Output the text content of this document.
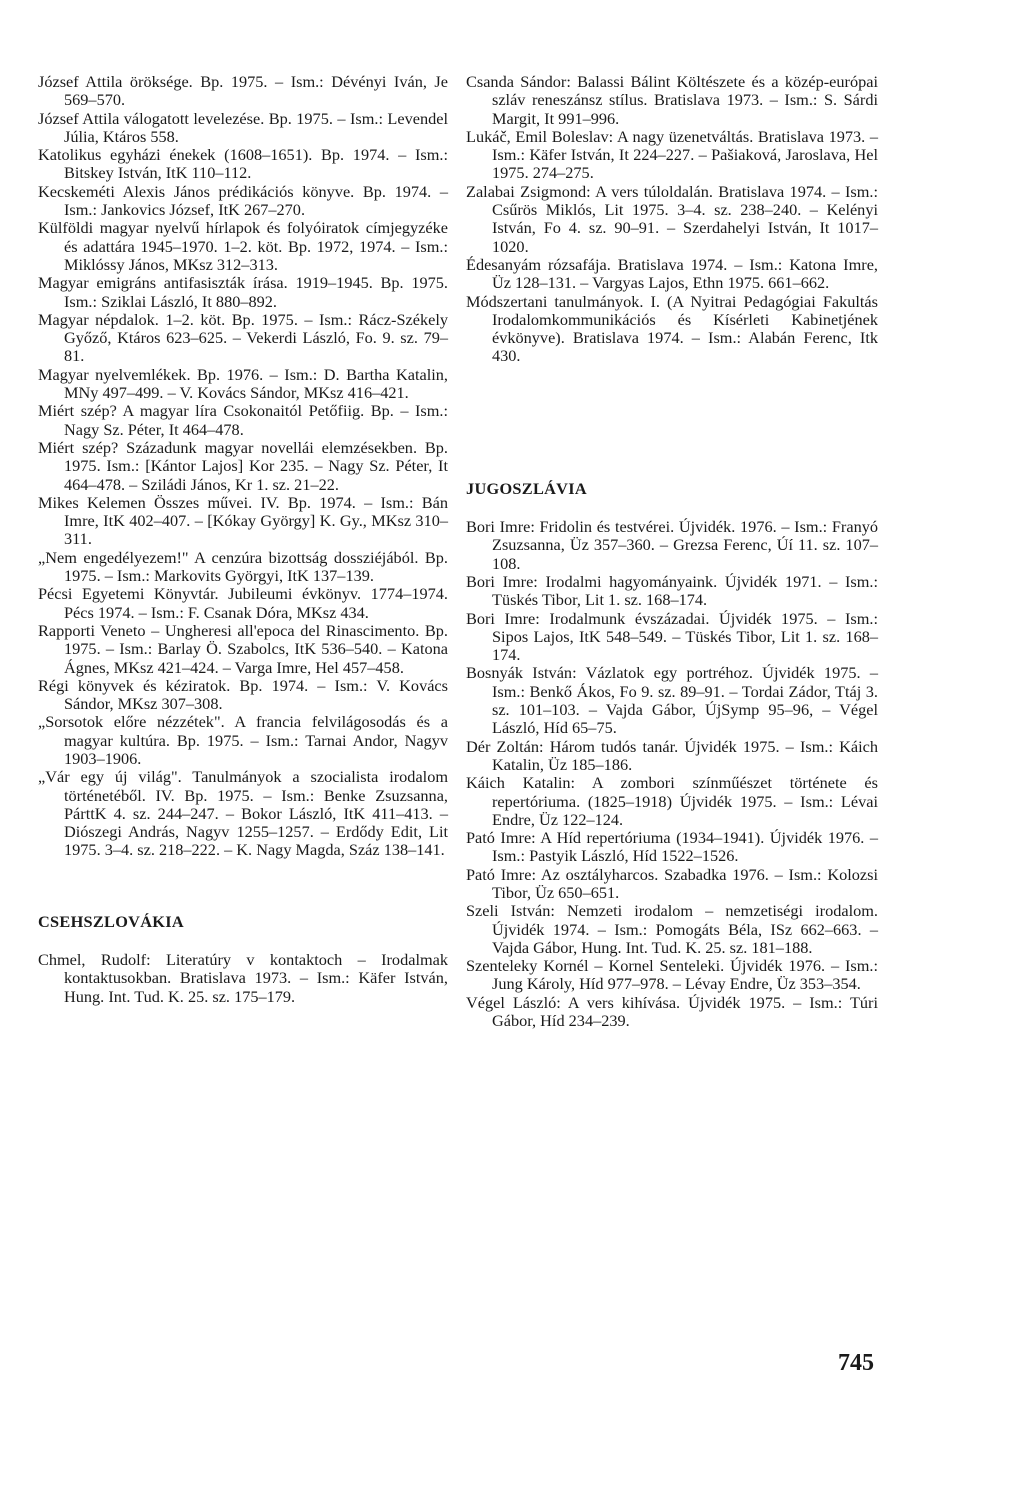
József Attila öröksége. Bp. 1975. – Ism.: Dévényi Iván, Je 569–570.

József Attila válogatott levelezése. Bp. 1975. – Ism.: Levendel Júlia, Ktáros 558.

Katolikus egyházi énekek (1608–1651). Bp. 1974. – Ism.: Bitskey István, ItK 110–112.

Kecskeméti Alexis János prédikációs könyve. Bp. 1974. – Ism.: Jankovics József, ItK 267–270.

Külföldi magyar nyelvű hírlapok és folyóiratok címjegyzéke és adattára 1945–1970. 1–2. köt. Bp. 1972, 1974. – Ism.: Miklóssy János, MKsz 312–313.

Magyar emigráns antifasiszták írása. 1919–1945. Bp. 1975. Ism.: Sziklai László, It 880–892.

Magyar népdalok. 1–2. köt. Bp. 1975. – Ism.: Rácz-Székely Győző, Ktáros 623–625. – Vekerdi László, Fo. 9. sz. 79–81.

Magyar nyelvemlékek. Bp. 1976. – Ism.: D. Bartha Katalin, MNy 497–499. – V. Kovács Sándor, MKsz 416–421.

Miért szép? A magyar líra Csokonaitól Petőfiig. Bp. – Ism.: Nagy Sz. Péter, It 464–478.

Miért szép? Századunk magyar novellái elemzésekben. Bp. 1975. Ism.: [Kántor Lajos] Kor 235. – Nagy Sz. Péter, It 464–478. – Sziládi János, Kr 1. sz. 21–22.

Mikes Kelemen Összes művei. IV. Bp. 1974. – Ism.: Bán Imre, ItK 402–407. – [Kókay György] K. Gy., MKsz 310–311.

„Nem engedélyezem!" A cenzúra bizottság dossziéjából. Bp. 1975. – Ism.: Markovits Györgyi, ItK 137–139.

Pécsi Egyetemi Könyvtár. Jubileumi évkönyv. 1774–1974. Pécs 1974. – Ism.: F. Csanak Dóra, MKsz 434.

Rapporti Veneto – Ungheresi all'epoca del Rinascimento. Bp. 1975. – Ism.: Barlay Ö. Szabolcs, ItK 536–540. – Katona Ágnes, MKsz 421–424. – Varga Imre, Hel 457–458.

Régi könyvek és kéziratok. Bp. 1974. – Ism.: V. Kovács Sándor, MKsz 307–308.

„Sorsotok előre nézzétek". A francia felvilágosodás és a magyar kultúra. Bp. 1975. – Ism.: Tarnai Andor, Nagyv 1903–1906.

„Vár egy új világ". Tanulmányok a szocialista irodalom történetéből. IV. Bp. 1975. – Ism.: Benke Zsuzsanna, PárttK 4. sz. 244–247. – Bokor László, ItK 411–413. – Diószegi András, Nagyv 1255–1257. – Erdődy Edit, Lit 1975. 3–4. sz. 218–222. – K. Nagy Magda, Száz 138–141.

CSEHSZLOVÁKIA

Chmel, Rudolf: Literatúry v kontaktoch – Irodalmak kontaktusokban. Bratislava 1973. – Ism.: Käfer István, Hung. Int. Tud. K. 25. sz. 175–179.

Csanda Sándor: Balassi Bálint Költészete és a közép-európai szláv reneszánsz stílus. Bratislava 1973. – Ism.: S. Sárdi Margit, It 991–996.

Lukáč, Emil Boleslav: A nagy üzenetváltás. Bratislava 1973. – Ism.: Käfer István, It 224–227. – Pašiaková, Jaroslava, Hel 1975. 274–275.

Zalabai Zsigmond: A vers túloldalán. Bratislava 1974. – Ism.: Csűrös Miklós, Lit 1975. 3–4. sz. 238–240. – Kelényi István, Fo 4. sz. 90–91. – Szerdahelyi István, It 1017–1020.

Édesanyám rózsafája. Bratislava 1974. – Ism.: Katona Imre, Üz 128–131. – Vargyas Lajos, Ethn 1975. 661–662.

Módszertani tanulmányok. I. (A Nyitrai Pedagógiai Fakultás Irodalomkommunikációs és Kísérleti Kabinetjének évkönyve). Bratislava 1974. – Ism.: Alabán Ferenc, Itk 430.

JUGOSZLÁVIA

Bori Imre: Fridolin és testvérei. Újvidék. 1976. – Ism.: Franyó Zsuzsanna, Üz 357–360. – Grezsa Ferenc, Úí 11. sz. 107–108.

Bori Imre: Irodalmi hagyományaink. Újvidék 1971. – Ism.: Tüskés Tibor, Lit 1. sz. 168–174.

Bori Imre: Irodalmunk évszázadai. Újvidék 1975. – Ism.: Sipos Lajos, ItK 548–549. – Tüskés Tibor, Lit 1. sz. 168–174.

Bosnyák István: Vázlatok egy portréhoz. Újvidék 1975. – Ism.: Benkő Ákos, Fo 9. sz. 89–91. – Tordai Zádor, Ttáj 3. sz. 101–103. – Vajda Gábor, ÚjSymp 95–96, – Végel László, Híd 65–75.

Dér Zoltán: Három tudós tanár. Újvidék 1975. – Ism.: Káich Katalin, Üz 185–186.

Káich Katalin: A zombori színműészet története és repertóriuma. (1825–1918) Újvidék 1975. – Ism.: Lévai Endre, Üz 122–124.

Pató Imre: A Híd repertóriuma (1934–1941). Újvidék 1976. – Ism.: Pastyik László, Híd 1522–1526.

Pató Imre: Az osztályharcos. Szabadka 1976. – Ism.: Kolozsi Tibor, Üz 650–651.

Szeli István: Nemzeti irodalom – nemzetiségi irodalom. Újvidék 1974. – Ism.: Pomogáts Béla, ISz 662–663. – Vajda Gábor, Hung. Int. Tud. K. 25. sz. 181–188.

Szenteleky Kornél – Kornel Senteleki. Újvidék 1976. – Ism.: Jung Károly, Híd 977–978. – Lévay Endre, Üz 353–354.

Végel László: A vers kihívása. Újvidék 1975. – Ism.: Túri Gábor, Híd 234–239.

745
